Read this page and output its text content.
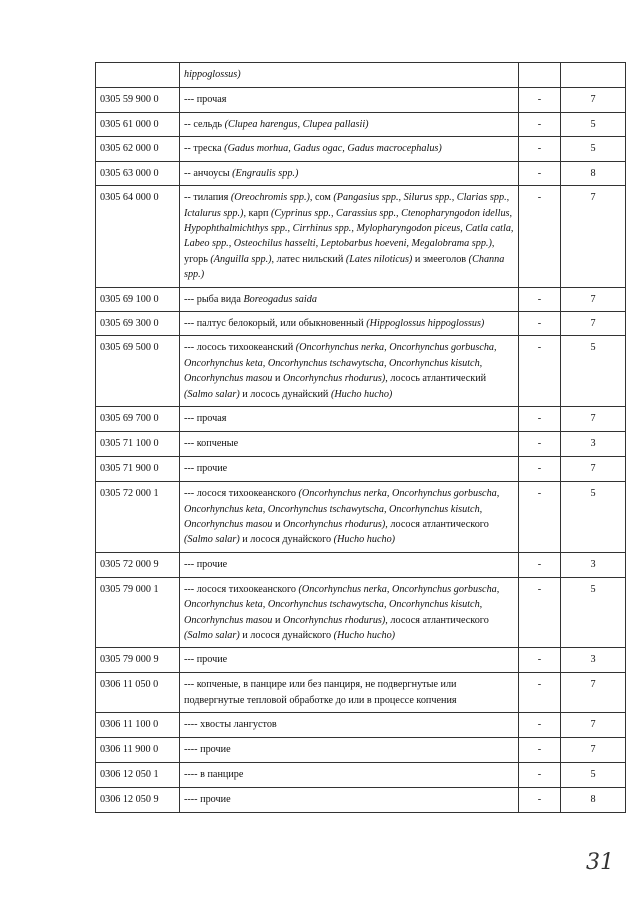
	hippoglossus)		
0305 59 900 0	--- прочая	-	7
0305 61 000 0	-- сельдь (Clupea harengus, Clupea pallasii)	-	5
0305 62 000 0	-- треска (Gadus morhua, Gadus ogac, Gadus macrocephalus)	-	5
0305 63 000 0	-- анчоусы (Engraulis spp.)	-	8
0305 64 000 0	-- тилапия (Oreochromis spp.), сом (Pangasius spp., Silurus spp., Clarias spp., Ictalurus spp.), карп (Cyprinus spp., Carassius spp., Ctenopharyngodon idellus, Hypophthalmichthys spp., Cirrhinus spp., Mylopharyngodon piceus, Catla catla, Labeo spp., Osteochilus hasselti, Leptobarbus hoeveni, Megalobrama spp.), угорь (Anguilla spp.), латес нильский (Lates niloticus) и змееголов (Channa spp.)	-	7
0305 69 100 0	--- рыба вида Boreogadus saida	-	7
0305 69 300 0	--- палтус белокорый, или обыкновенный (Hippoglossus hippoglossus)	-	7
0305 69 500 0	--- лосось тихоокеанский (Oncorhynchus nerka, Oncorhynchus gorbuscha, Oncorhynchus keta, Oncorhynchus tschawytscha, Oncorhynchus kisutch, Oncorhynchus masou и Oncorhynchus rhodurus), лосось атлантический (Salmo salar) и лосось дунайский (Hucho hucho)	-	5
0305 69 700 0	--- прочая	-	7
0305 71 100 0	--- копченые	-	3
0305 71 900 0	--- прочие	-	7
0305 72 000 1	--- лосося тихоокеанского (Oncorhynchus nerka, Oncorhynchus gorbuscha, Oncorhynchus keta, Oncorhynchus tschawytscha, Oncorhynchus kisutch, Oncorhynchus masou и Oncorhynchus rhodurus), лосося атлантического (Salmo salar) и лосося дунайского (Hucho hucho)	-	5
0305 72 000 9	--- прочие	-	3
0305 79 000 1	--- лосося тихоокеанского (Oncorhynchus nerka, Oncorhynchus gorbuscha, Oncorhynchus keta, Oncorhynchus tschawytscha, Oncorhynchus kisutch, Oncorhynchus masou и Oncorhynchus rhodurus), лосося атлантического (Salmo salar) и лосося дунайского (Hucho hucho)	-	5
0305 79 000 9	--- прочие	-	3
0306 11 050 0	--- копченые, в панцире или без панциря, не подвергнутые или подвергнутые тепловой обработке до или в процессе копчения	-	7
0306 11 100 0	---- хвосты лангустов	-	7
0306 11 900 0	---- прочие	-	7
0306 12 050 1	---- в панцире	-	5
0306 12 050 9	---- прочие	-	8
31
